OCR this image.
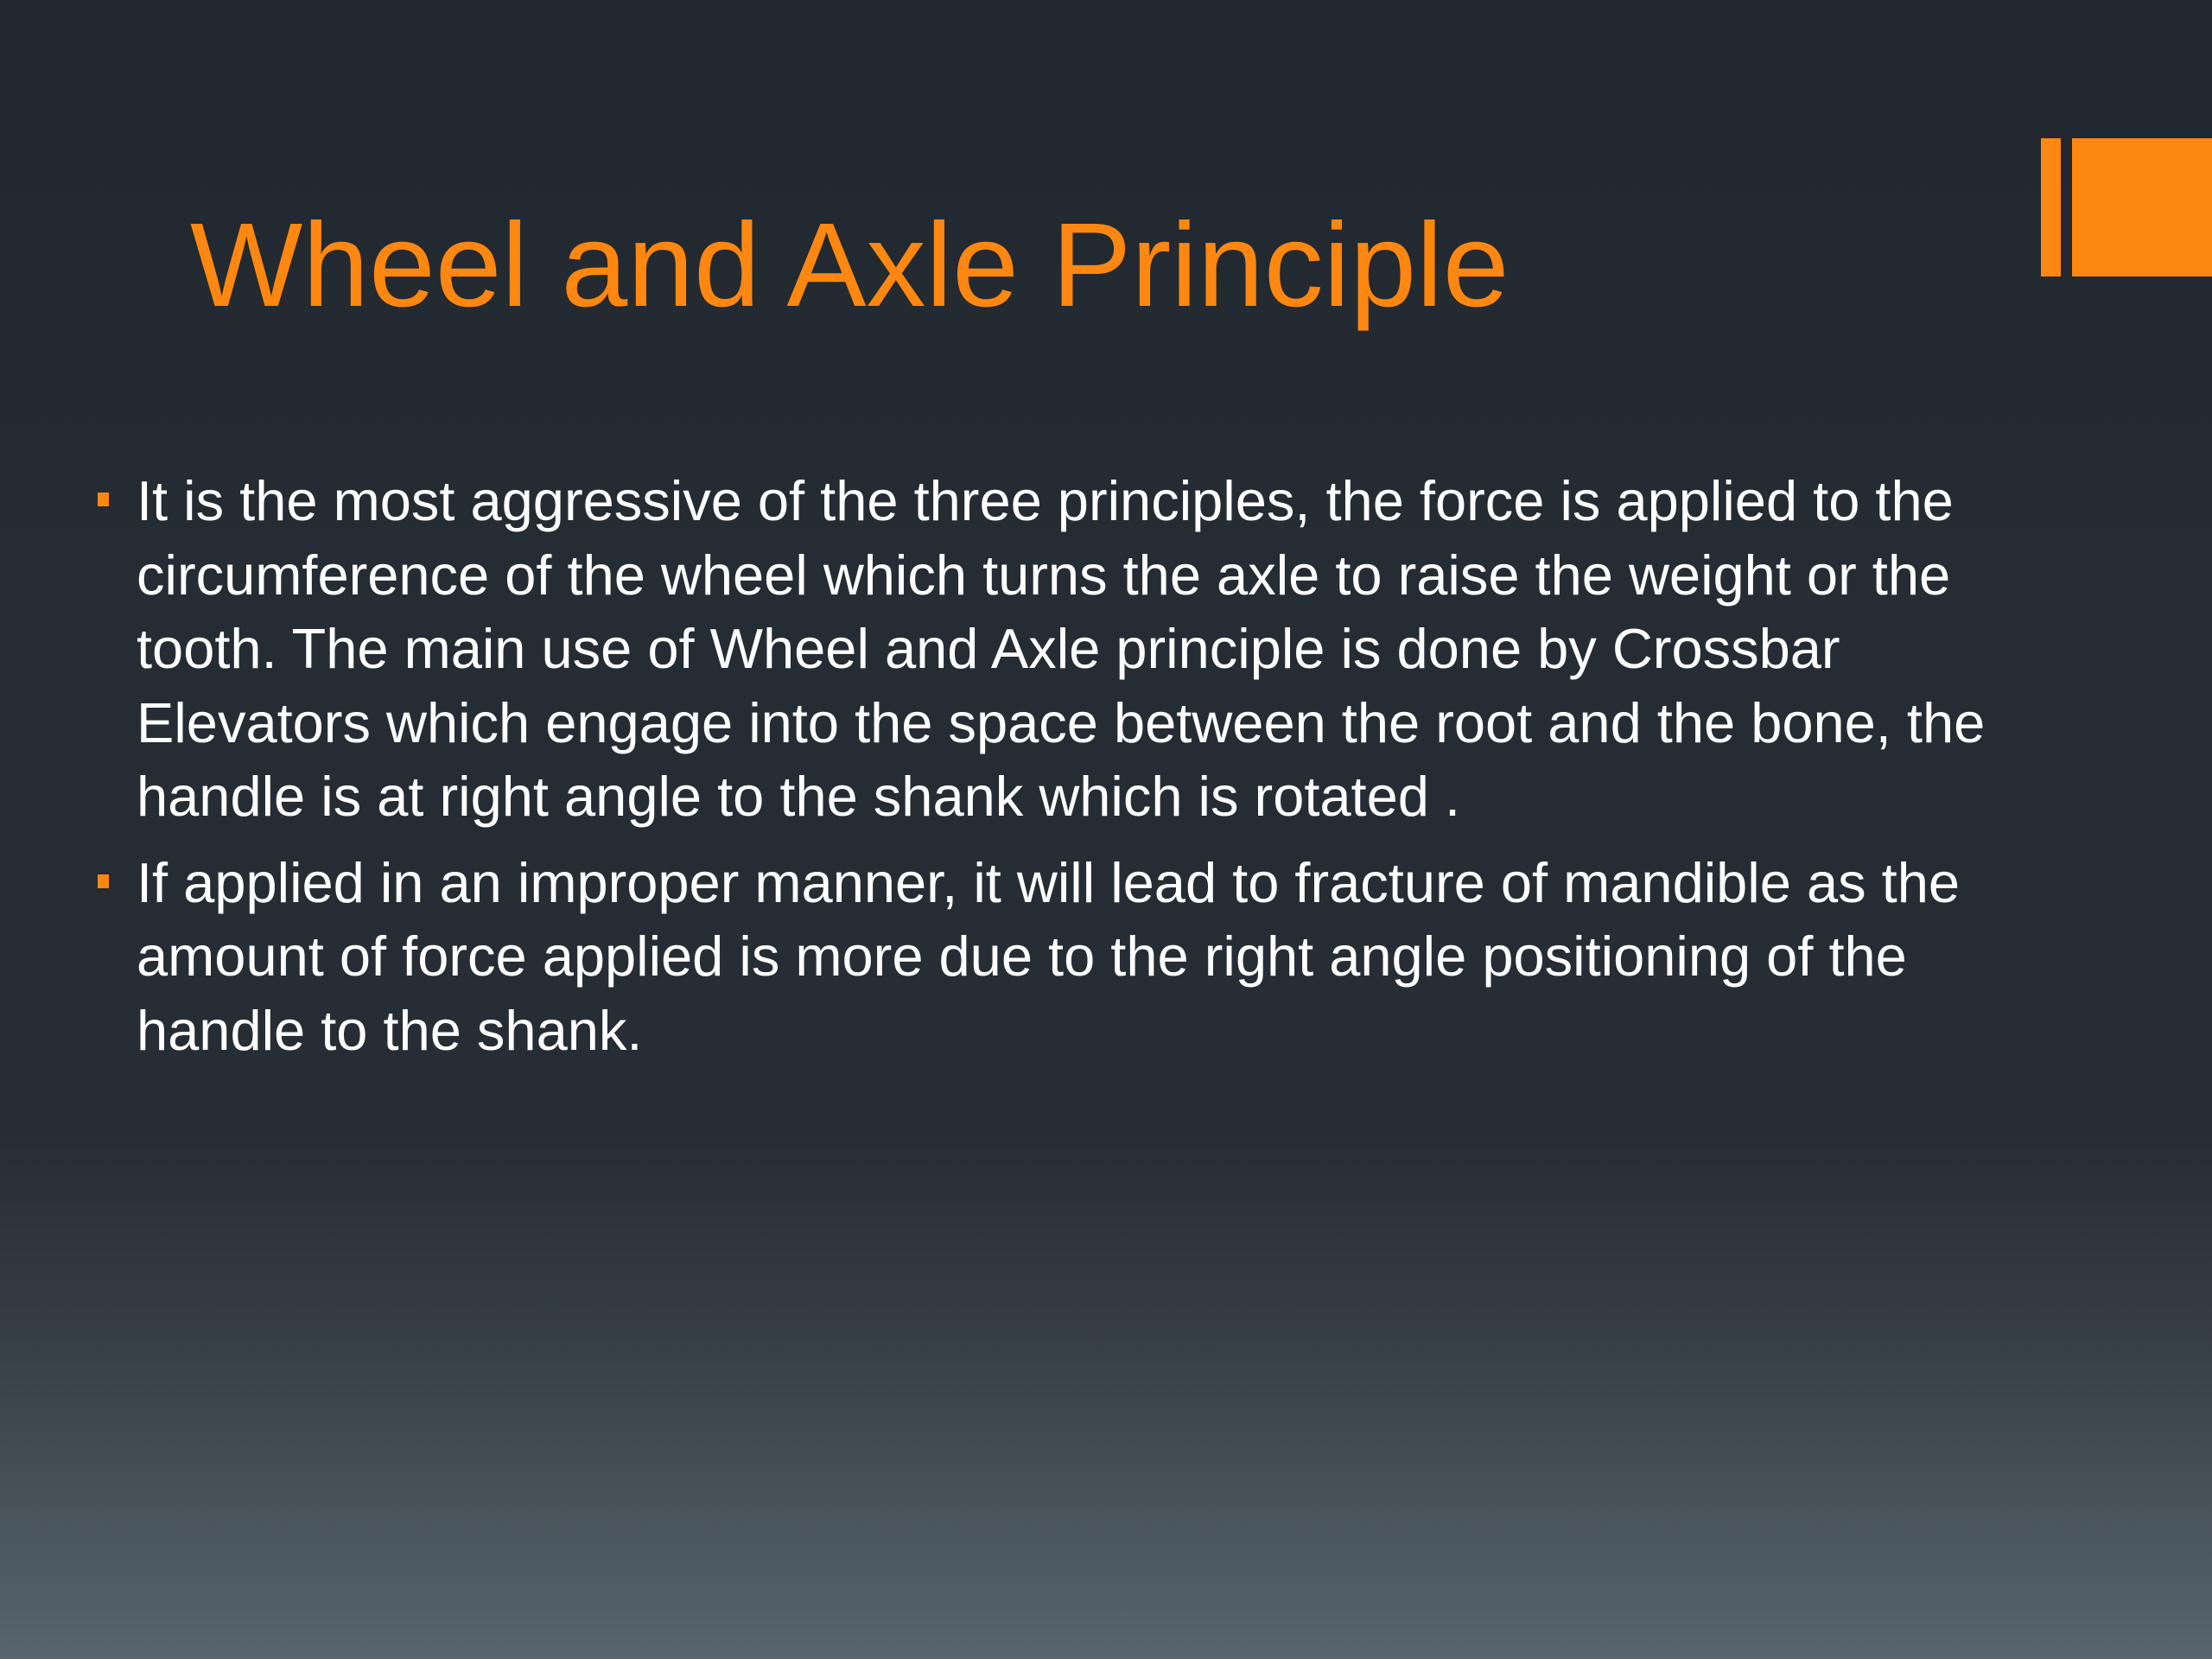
Wheel and Axle Principle
It is the most aggressive of the three principles, the force is applied to the circumference of the wheel which turns the axle to raise the weight or the tooth. The main use of Wheel and Axle principle is done by Crossbar Elevators which engage into the space between the root and the bone, the handle is at right angle to the shank which is rotated .
If applied in an improper manner, it will lead to fracture of mandible as the amount of force applied is more due to the right angle positioning of the handle to the shank.
